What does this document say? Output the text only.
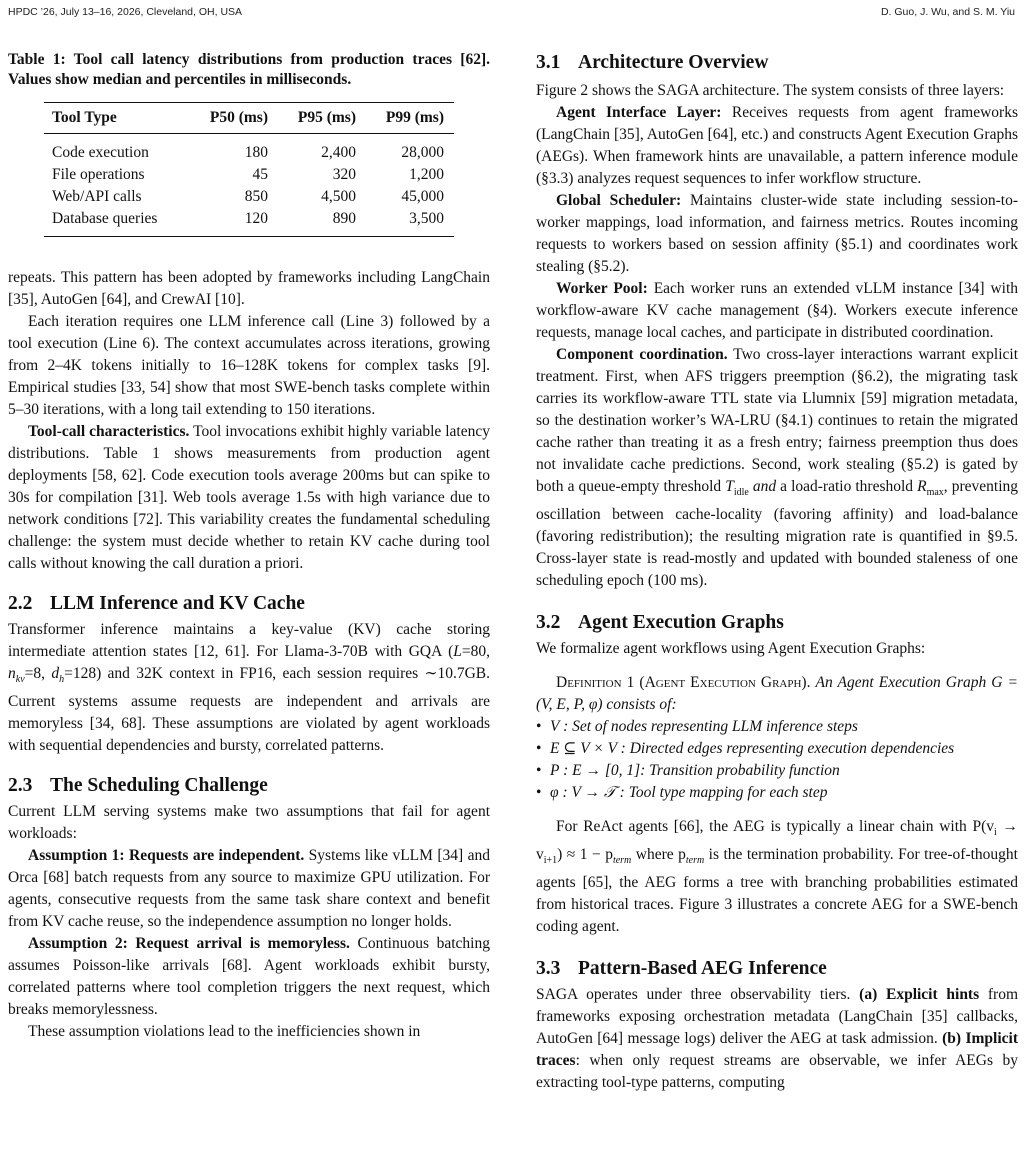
HPDC ’26, July 13–16, 2026, Cleveland, OH, USA	D. Guo, J. Wu, and S. M. Yiu
Table 1: Tool call latency distributions from production traces [62]. Values show median and percentiles in milliseconds.
Tool Type	P50 (ms)	P95 (ms)	P99 (ms)
Code execution	180	2,400	28,000
File operations	45	320	1,200
Web/API calls	850	4,500	45,000
Database queries	120	890	3,500

repeats. This pattern has been adopted by frameworks including LangChain [35], AutoGen [64], and CrewAI [10].

Each iteration requires one LLM inference call (Line 3) followed by a tool execution (Line 6). The context accumulates across iterations, growing from 2–4K tokens initially to 16–128K tokens for complex tasks [9]. Empirical studies [33, 54] show that most SWE-bench tasks complete within 5–30 iterations, with a long tail extending to 150 iterations.

Tool-call characteristics. Tool invocations exhibit highly variable latency distributions. Table 1 shows measurements from production agent deployments [58, 62]. Code execution tools average 200ms but can spike to 30s for compilation [31]. Web tools average 1.5s with high variance due to network conditions [72]. This variability creates the fundamental scheduling challenge: the system must decide whether to retain KV cache during tool calls without knowing the call duration a priori.

2.2 LLM Inference and KV Cache

Transformer inference maintains a key-value (KV) cache storing intermediate attention states [12, 61]. For Llama-3-70B with GQA (L=80, $n_{kv}=8$, $d_h=128$) and 32K context in FP16, each session requires ∼10.7GB. Current systems assume requests are independent and arrivals are memoryless [34, 68]. These assumptions are violated by agent workloads with sequential dependencies and bursty, correlated patterns.

2.3 The Scheduling Challenge

Current LLM serving systems make two assumptions that fail for agent workloads:

Assumption 1: Requests are independent. Systems like vLLM [34] and Orca [68] batch requests from any source to maximize GPU utilization. For agents, consecutive requests from the same task share context and benefit from KV cache reuse, so the independence assumption no longer holds.

Assumption 2: Request arrival is memoryless. Continuous batching assumes Poisson-like arrivals [68]. Agent workloads exhibit bursty, correlated patterns where tool completion triggers the next request, which breaks memorylessness.

These assumption violations lead to the inefficiencies shown in

3.1 Architecture Overview

Figure 2 shows the SAGA architecture. The system consists of three layers:

Agent Interface Layer: Receives requests from agent frameworks (LangChain [35], AutoGen [64], etc.) and constructs Agent Execution Graphs (AEGs). When framework hints are unavailable, a pattern inference module (§3.3) analyzes request sequences to infer workflow structure.

Global Scheduler: Maintains cluster-wide state including session-to-worker mappings, load information, and fairness metrics. Routes incoming requests to workers based on session affinity (§5.1) and coordinates work stealing (§5.2).

Worker Pool: Each worker runs an extended vLLM instance [34] with workflow-aware KV cache management (§4). Workers execute inference requests, manage local caches, and participate in distributed coordination.

Component coordination. Two cross-layer interactions warrant explicit treatment. First, when AFS triggers preemption (§6.2), the migrating task carries its workflow-aware TTL state via Llumnix [59] migration metadata, so the destination worker’s WA-LRU (§4.1) continues to retain the migrated cache rather than treating it as a fresh entry; fairness preemption thus does not invalidate cache predictions. Second, work stealing (§5.2) is gated by both a queue-empty threshold $T_{idle}$ and a load-ratio threshold $R_{max}$, preventing oscillation between cache-locality (favoring affinity) and load-balance (favoring redistribution); the resulting migration rate is quantified in §9.5. Cross-layer state is read-mostly and updated with bounded staleness of one scheduling epoch (100 ms).

3.2 Agent Execution Graphs

We formalize agent workflows using Agent Execution Graphs:

Definition 1 (Agent Execution Graph). An Agent Execution Graph G = (V, E, P, φ) consists of:
• V : Set of nodes representing LLM inference steps
• E ⊆ V × V : Directed edges representing execution dependencies
• P : E → [0, 1]: Transition probability function
• φ : V → 𝒯 : Tool type mapping for each step

For ReAct agents [66], the AEG is typically a linear chain with $P(v_i \to v_{i+1}) \approx 1 - p_{term}$ where $p_{term}$ is the termination probability. For tree-of-thought agents [65], the AEG forms a tree with branching probabilities estimated from historical traces. Figure 3 illustrates a concrete AEG for a SWE-bench coding agent.

3.3 Pattern-Based AEG Inference

SAGA operates under three observability tiers. (a) Explicit hints from frameworks exposing orchestration metadata (LangChain [35] callbacks, AutoGen [64] message logs) deliver the AEG at task admission. (b) Implicit traces: when only request streams are observable, we infer AEGs by extracting tool-type patterns, computing
